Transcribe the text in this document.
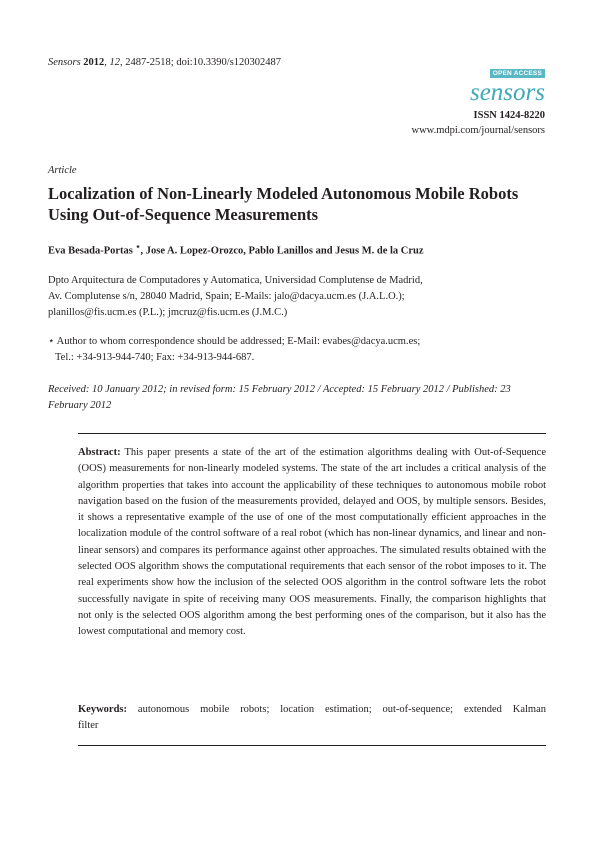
Sensors 2012, 12, 2487-2518; doi:10.3390/s120302487
OPEN ACCESS
sensors
ISSN 1424-8220
www.mdpi.com/journal/sensors
Article
Localization of Non-Linearly Modeled Autonomous Mobile Robots Using Out-of-Sequence Measurements
Eva Besada-Portas ⋆, Jose A. Lopez-Orozco, Pablo Lanillos and Jesus M. de la Cruz
Dpto Arquitectura de Computadores y Automatica, Universidad Complutense de Madrid,
Av. Complutense s/n, 28040 Madrid, Spain; E-Mails: jalo@dacya.ucm.es (J.A.L.O.);
planillos@fis.ucm.es (P.L.); jmcruz@fis.ucm.es (J.M.C.)
⋆ Author to whom correspondence should be addressed; E-Mail: evabes@dacya.ucm.es;
Tel.: +34-913-944-740; Fax: +34-913-944-687.
Received: 10 January 2012; in revised form: 15 February 2012 / Accepted: 15 February 2012 / Published: 23 February 2012
Abstract: This paper presents a state of the art of the estimation algorithms dealing with Out-of-Sequence (OOS) measurements for non-linearly modeled systems. The state of the art includes a critical analysis of the algorithm properties that takes into account the applicability of these techniques to autonomous mobile robot navigation based on the fusion of the measurements provided, delayed and OOS, by multiple sensors. Besides, it shows a representative example of the use of one of the most computationally efficient approaches in the localization module of the control software of a real robot (which has non-linear dynamics, and linear and non-linear sensors) and compares its performance against other approaches. The simulated results obtained with the selected OOS algorithm shows the computational requirements that each sensor of the robot imposes to it. The real experiments show how the inclusion of the selected OOS algorithm in the control software lets the robot successfully navigate in spite of receiving many OOS measurements. Finally, the comparison highlights that not only is the selected OOS algorithm among the best performing ones of the comparison, but it also has the lowest computational and memory cost.
Keywords: autonomous mobile robots; location estimation; out-of-sequence; extended Kalman filter
